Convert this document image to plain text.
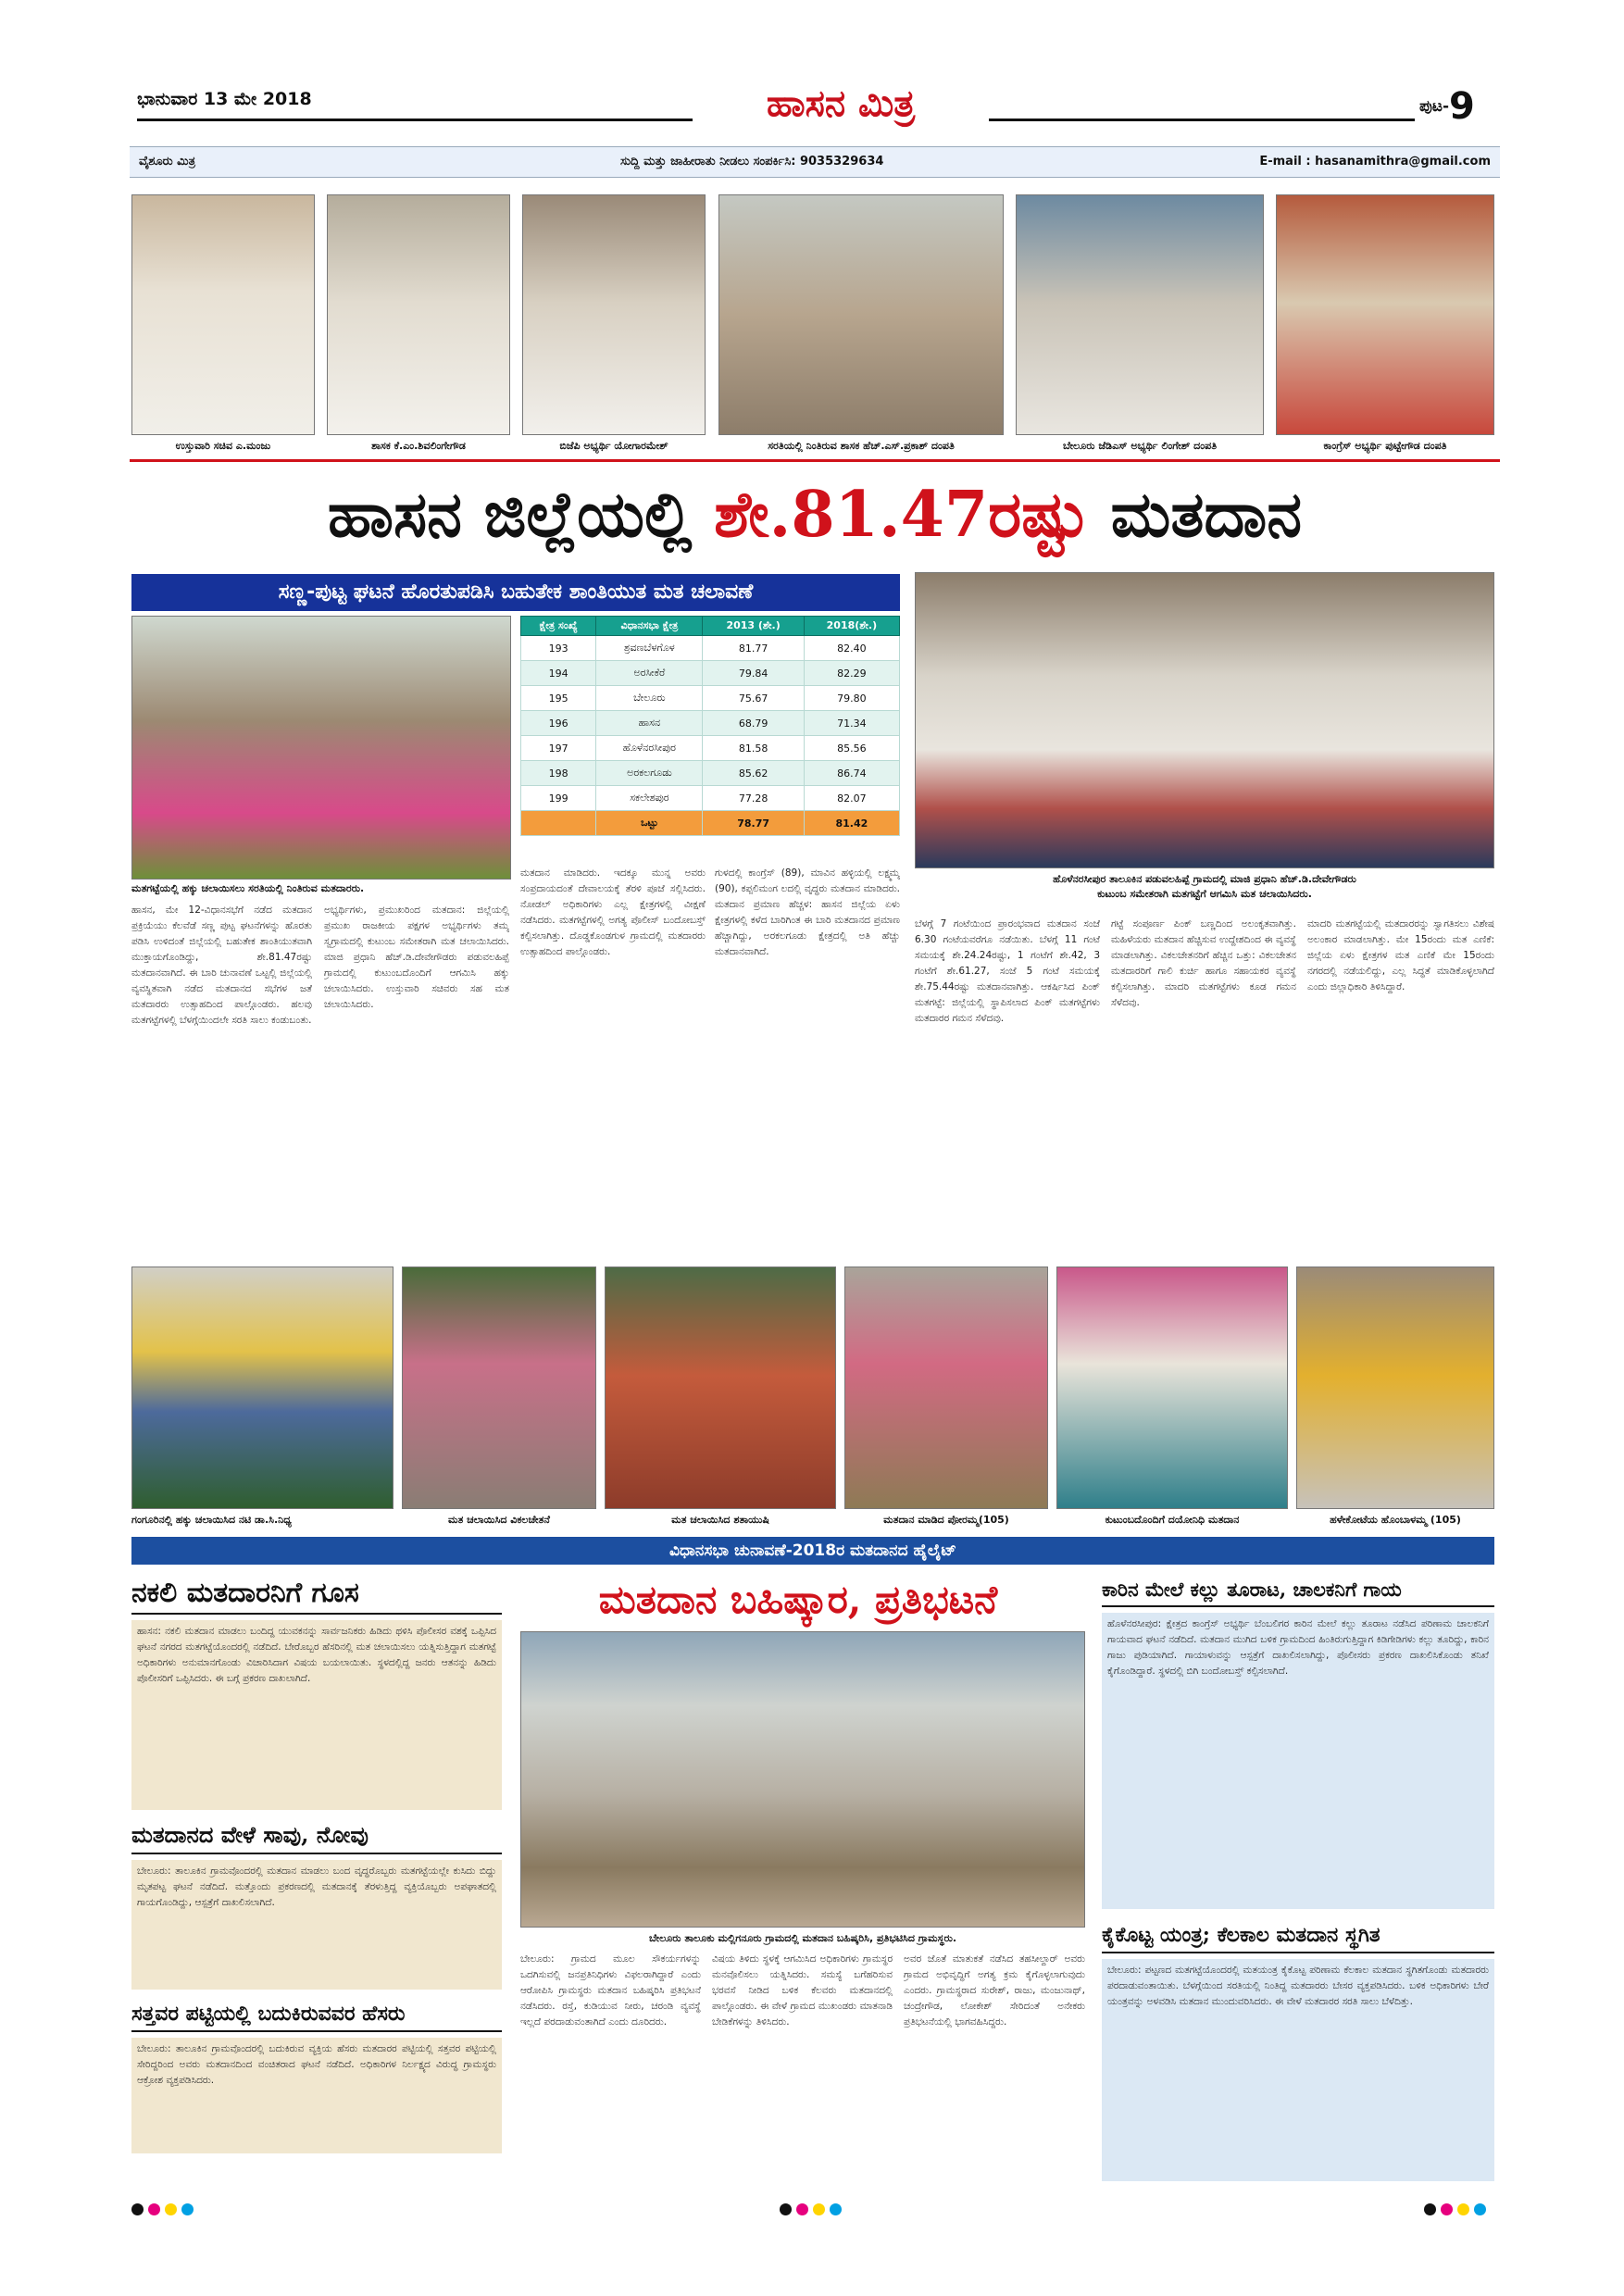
ಭಾನುವಾರ 13 ಮೇ 2018	ಹಾಸನ ಮಿತ್ರ	ಪುಟ-9
ವೈಶೂರು ಮಿತ್ರ	ಸುದ್ದಿ ಮತ್ತು ಜಾಹೀರಾತು ನೀಡಲು ಸಂಪರ್ಕಿಸಿ: 9035329634	E-mail : hasanamithra@gmail.com
ಉಸ್ತುವಾರಿ ಸಚಿವ ಎ.ಮಂಜು	ಶಾಸಕ ಕೆ.ಎಂ.ಶಿವಲಿಂಗೇಗೌಡ	ಬಿಜೆಪಿ ಅಭ್ಯರ್ಥಿ ಯೋಗಾರಮೇಶ್	ಸರತಿಯಲ್ಲಿ ನಿಂತಿರುವ ಶಾಸಕ ಹೆಚ್.ಎಸ್.ಪ್ರಕಾಶ್ ದಂಪತಿ	ಬೇಲೂರು ಜೆಡಿಎಸ್ ಅಭ್ಯರ್ಥಿ ಲಿಂಗೇಶ್ ದಂಪತಿ	ಕಾಂಗ್ರೆಸ್ ಅಭ್ಯರ್ಥಿ ಪುಟ್ಟೇಗೌಡ ದಂಪತಿ
ಹಾಸನ ಜಿಲ್ಲೆಯಲ್ಲಿ ಶೇ.81.47ರಷ್ಟು ಮತದಾನ
ಸಣ್ಣ-ಪುಟ್ಟ ಘಟನೆ ಹೊರತುಪಡಿಸಿ ಬಹುತೇಕ ಶಾಂತಿಯುತ ಮತ ಚಲಾವಣೆ
ಮತಗಟ್ಟೆಯಲ್ಲಿ ಹಕ್ಕು ಚಲಾಯಿಸಲು ಸರತಿಯಲ್ಲಿ ನಿಂತಿರುವ ಮತದಾರರು.
ಕ್ಷೇತ್ರ ಸಂಖ್ಯೆ	ವಿಧಾನಸಭಾ ಕ್ಷೇತ್ರ	2013 (ಶೇ.)	2018(ಶೇ.)
193	ಶ್ರವಣಬೆಳಗೊಳ	81.77	82.40
194	ಅರಸೀಕೆರೆ	79.84	82.29
195	ಬೇಲೂರು	75.67	79.80
196	ಹಾಸನ	68.79	71.34
197	ಹೊಳೆನರಸೀಪುರ	81.58	85.56
198	ಅರಕಲಗೂಡು	85.62	86.74
199	ಸಕಲೇಶಪುರ	77.28	82.07
	ಒಟ್ಟು	78.77	81.42
ಹೊಳೆನರಸೀಪುರ ತಾಲೂಕಿನ ಪಡುವಲಹಿಪ್ಪೆ ಗ್ರಾಮದಲ್ಲಿ ಮಾಜಿ ಪ್ರಧಾನಿ ಹೆಚ್.ಡಿ.ದೇವೇಗೌಡರು
ಕುಟುಂಬ ಸಮೇತರಾಗಿ ಮತಗಟ್ಟೆಗೆ ಆಗಮಿಸಿ ಮತ ಚಲಾಯಿಸಿದರು.
ಹಾಸನ, ಮೇ 12-ವಿಧಾನಸಭೆಗೆ ನಡೆದ ಮತದಾನ ಪ್ರಕ್ರಿಯೆಯು ಕೆಲವೆಡೆ ಸಣ್ಣ ಪುಟ್ಟ ಘಟನೆಗಳನ್ನು ಹೊರತು ಪಡಿಸಿ ಉಳಿದಂತೆ ಜಿಲ್ಲೆಯಲ್ಲಿ ಬಹುತೇಕ ಶಾಂತಿಯುತವಾಗಿ ಮುಕ್ತಾಯಗೊಂಡಿದ್ದು, ಶೇ.81.47ರಷ್ಟು ಮತದಾನವಾಗಿದೆ. ಈ ಬಾರಿ ಚುನಾವಣೆ ಒಟ್ಟಲ್ಲಿ ಜಿಲ್ಲೆಯಲ್ಲಿ ವ್ಯವಸ್ಥಿತವಾಗಿ ನಡೆದ ಮತದಾನದ ಸಭೆಗಳ ಜತೆ ಮತದಾರರು ಉತ್ಸಾಹದಿಂದ ಪಾಲ್ಗೊಂಡರು. ಹಲವು ಮತಗಟ್ಟೆಗಳಲ್ಲಿ ಬೆಳಗ್ಗೆಯಿಂದಲೇ ಸರತಿ ಸಾಲು ಕಂಡುಬಂತು.
ಅಭ್ಯರ್ಥಿಗಳು, ಪ್ರಮುಖರಿಂದ ಮತದಾನ: ಜಿಲ್ಲೆಯಲ್ಲಿ ಪ್ರಮುಖ ರಾಜಕೀಯ ಪಕ್ಷಗಳ ಅಭ್ಯರ್ಥಿಗಳು ತಮ್ಮ ಸ್ವಗ್ರಾಮದಲ್ಲಿ ಕುಟುಂಬ ಸಮೇತರಾಗಿ ಮತ ಚಲಾಯಿಸಿದರು. ಮಾಜಿ ಪ್ರಧಾನಿ ಹೆಚ್.ಡಿ.ದೇವೇಗೌಡರು ಪಡುವಲಹಿಪ್ಪೆ ಗ್ರಾಮದಲ್ಲಿ ಕುಟುಂಬದೊಂದಿಗೆ ಆಗಮಿಸಿ ಹಕ್ಕು ಚಲಾಯಿಸಿದರು. ಉಸ್ತುವಾರಿ ಸಚಿವರು ಸಹ ಮತ ಚಲಾಯಿಸಿದರು.
ಮತದಾನ ಮಾಡಿದರು. ಇದಕ್ಕೂ ಮುನ್ನ ಅವರು ಸಂಪ್ರದಾಯದಂತೆ ದೇವಾಲಯಕ್ಕೆ ತೆರಳಿ ಪೂಜೆ ಸಲ್ಲಿಸಿದರು. ನೋಡಲ್ ಅಧಿಕಾರಿಗಳು ಎಲ್ಲ ಕ್ಷೇತ್ರಗಳಲ್ಲಿ ವೀಕ್ಷಣೆ ನಡೆಸಿದರು. ಮತಗಟ್ಟೆಗಳಲ್ಲಿ ಅಗತ್ಯ ಪೊಲೀಸ್ ಬಂದೋಬಸ್ತ್ ಕಲ್ಪಿಸಲಾಗಿತ್ತು. ದೊಡ್ಡಕೊಂಡಗುಳ ಗ್ರಾಮದಲ್ಲಿ ಮತದಾರರು ಉತ್ಸಾಹದಿಂದ ಪಾಲ್ಗೊಂಡರು.
ಗುಳದಲ್ಲಿ ಕಾಂಗ್ರೆಸ್ (89), ಮಾವಿನ ಹಳ್ಳಿಯಲ್ಲಿ ಲಕ್ಷ್ಮಮ್ಮ (90), ಕಪ್ಪಲಿಮಂಗ ಲದಲ್ಲಿ ವೃದ್ಧರು ಮತದಾನ ಮಾಡಿದರು. ಮತದಾನ ಪ್ರಮಾಣ ಹೆಚ್ಚಳ: ಹಾಸನ ಜಿಲ್ಲೆಯ ಏಳು ಕ್ಷೇತ್ರಗಳಲ್ಲಿ ಕಳೆದ ಬಾರಿಗಿಂತ ಈ ಬಾರಿ ಮತದಾನದ ಪ್ರಮಾಣ ಹೆಚ್ಚಾಗಿದ್ದು, ಅರಕಲಗೂಡು ಕ್ಷೇತ್ರದಲ್ಲಿ ಅತಿ ಹೆಚ್ಚು ಮತದಾನವಾಗಿದೆ.
ಬೆಳಗ್ಗೆ 7 ಗಂಟೆಯಿಂದ ಪ್ರಾರಂಭವಾದ ಮತದಾನ ಸಂಜೆ 6.30 ಗಂಟೆಯವರೆಗೂ ನಡೆಯಿತು. ಬೆಳಗ್ಗೆ 11 ಗಂಟೆ ಸಮಯಕ್ಕೆ ಶೇ.24.24ರಷ್ಟು, 1 ಗಂಟೆಗೆ ಶೇ.42, 3 ಗಂಟೆಗೆ ಶೇ.61.27, ಸಂಜೆ 5 ಗಂಟೆ ಸಮಯಕ್ಕೆ ಶೇ.75.44ರಷ್ಟು ಮತದಾನವಾಗಿತ್ತು. ಆಕರ್ಷಿಸಿದ ಪಿಂಕ್ ಮತಗಟ್ಟೆ: ಜಿಲ್ಲೆಯಲ್ಲಿ ಸ್ಥಾಪಿಸಲಾದ ಪಿಂಕ್ ಮತಗಟ್ಟೆಗಳು ಮತದಾರರ ಗಮನ ಸೆಳೆದವು.
ಗಟ್ಟೆ ಸಂಪೂರ್ಣ ಪಿಂಕ್ ಬಣ್ಣದಿಂದ ಅಲಂಕೃತವಾಗಿತ್ತು. ಮಹಿಳೆಯರು ಮತದಾನ ಹೆಚ್ಚಿಸುವ ಉದ್ದೇಶದಿಂದ ಈ ವ್ಯವಸ್ಥೆ ಮಾಡಲಾಗಿತ್ತು. ವಿಕಲಚೇತನರಿಗೆ ಹೆಚ್ಚಿನ ಒತ್ತು: ವಿಕಲಚೇತನ ಮತದಾರರಿಗೆ ಗಾಲಿ ಕುರ್ಚಿ ಹಾಗೂ ಸಹಾಯಕರ ವ್ಯವಸ್ಥೆ ಕಲ್ಪಿಸಲಾಗಿತ್ತು. ಮಾದರಿ ಮತಗಟ್ಟೆಗಳು ಕೂಡ ಗಮನ ಸೆಳೆದವು.
ಮಾದರಿ ಮತಗಟ್ಟೆಯಲ್ಲಿ ಮತದಾರರನ್ನು ಸ್ವಾಗತಿಸಲು ವಿಶೇಷ ಅಲಂಕಾರ ಮಾಡಲಾಗಿತ್ತು. ಮೇ 15ರಂದು ಮತ ಎಣಿಕೆ: ಜಿಲ್ಲೆಯ ಏಳು ಕ್ಷೇತ್ರಗಳ ಮತ ಎಣಿಕೆ ಮೇ 15ರಂದು ನಗರದಲ್ಲಿ ನಡೆಯಲಿದ್ದು, ಎಲ್ಲ ಸಿದ್ಧತೆ ಮಾಡಿಕೊಳ್ಳಲಾಗಿದೆ ಎಂದು ಜಿಲ್ಲಾಧಿಕಾರಿ ತಿಳಿಸಿದ್ದಾರೆ.
ಗಂಗೂರಿನಲ್ಲಿ ಹಕ್ಕು ಚಲಾಯಿಸಿದ ನಟಿ ಡಾ.ಸಿ.ನಿಧ್ಯ	ಮತ ಚಲಾಯಿಸಿದ ವಿಕಲಚೇತನೆ	ಮತ ಚಲಾಯಿಸಿದ ಶತಾಯುಷಿ	ಮತದಾನ ಮಾಡಿದ ಪೋರಮ್ಮ(105)	ಕುಟುಂಬದೊಂದಿಗೆ ದಯೋನಿಧಿ ಮತದಾನ	ಹಳೇಕೋಟೆಯ ಹೊಂಬಾಳಮ್ಮ (105)
ವಿಧಾನಸಭಾ ಚುನಾವಣೆ-2018ರ ಮತದಾನದ ಹೈಲೈಟ್
ನಕಲಿ ಮತದಾರನಿಗೆ ಗೂಸ
ಹಾಸನ: ನಕಲಿ ಮತದಾನ ಮಾಡಲು ಬಂದಿದ್ದ ಯುವಕನನ್ನು ಸಾರ್ವಜನಿಕರು ಹಿಡಿದು ಥಳಿಸಿ ಪೊಲೀಸರ ವಶಕ್ಕೆ ಒಪ್ಪಿಸಿದ ಘಟನೆ ನಗರದ ಮತಗಟ್ಟೆಯೊಂದರಲ್ಲಿ ನಡೆದಿದೆ. ಬೇರೊಬ್ಬರ ಹೆಸರಿನಲ್ಲಿ ಮತ ಚಲಾಯಿಸಲು ಯತ್ನಿಸುತ್ತಿದ್ದಾಗ ಮತಗಟ್ಟೆ ಅಧಿಕಾರಿಗಳು ಅನುಮಾನಗೊಂಡು ವಿಚಾರಿಸಿದಾಗ ವಿಷಯ ಬಯಲಾಯಿತು. ಸ್ಥಳದಲ್ಲಿದ್ದ ಜನರು ಆತನನ್ನು ಹಿಡಿದು ಪೊಲೀಸರಿಗೆ ಒಪ್ಪಿಸಿದರು. ಈ ಬಗ್ಗೆ ಪ್ರಕರಣ ದಾಖಲಾಗಿದೆ.
ಮತದಾನದ ವೇಳೆ ಸಾವು, ನೋವು
ಬೇಲೂರು: ತಾಲೂಕಿನ ಗ್ರಾಮವೊಂದರಲ್ಲಿ ಮತದಾನ ಮಾಡಲು ಬಂದ ವೃದ್ಧರೊಬ್ಬರು ಮತಗಟ್ಟೆಯಲ್ಲೇ ಕುಸಿದು ಬಿದ್ದು ಮೃತಪಟ್ಟ ಘಟನೆ ನಡೆದಿದೆ. ಮತ್ತೊಂದು ಪ್ರಕರಣದಲ್ಲಿ ಮತದಾನಕ್ಕೆ ತೆರಳುತ್ತಿದ್ದ ವ್ಯಕ್ತಿಯೊಬ್ಬರು ಅಪಘಾತದಲ್ಲಿ ಗಾಯಗೊಂಡಿದ್ದು, ಆಸ್ಪತ್ರೆಗೆ ದಾಖಲಿಸಲಾಗಿದೆ.
ಸತ್ತವರ ಪಟ್ಟಿಯಲ್ಲಿ ಬದುಕಿರುವವರ ಹೆಸರು
ಬೇಲೂರು: ತಾಲೂಕಿನ ಗ್ರಾಮವೊಂದರಲ್ಲಿ ಬದುಕಿರುವ ವ್ಯಕ್ತಿಯ ಹೆಸರು ಮತದಾರರ ಪಟ್ಟಿಯಲ್ಲಿ ಸತ್ತವರ ಪಟ್ಟಿಯಲ್ಲಿ ಸೇರಿದ್ದರಿಂದ ಅವರು ಮತದಾನದಿಂದ ವಂಚಿತರಾದ ಘಟನೆ ನಡೆದಿದೆ. ಅಧಿಕಾರಿಗಳ ನಿರ್ಲಕ್ಷ್ಯದ ವಿರುದ್ಧ ಗ್ರಾಮಸ್ಥರು ಆಕ್ರೋಶ ವ್ಯಕ್ತಪಡಿಸಿದರು.
ಮತದಾನ ಬಹಿಷ್ಕಾರ, ಪ್ರತಿಭಟನೆ
ಬೇಲೂರು ತಾಲೂಕು ಮಲ್ಲಿಗನೂರು ಗ್ರಾಮದಲ್ಲಿ ಮತದಾನ ಬಹಿಷ್ಕರಿಸಿ, ಪ್ರತಿಭಟಿಸಿದ ಗ್ರಾಮಸ್ಥರು.
ಬೇಲೂರು: ಗ್ರಾಮದ ಮೂಲ ಸೌಕರ್ಯಗಳನ್ನು ಒದಗಿಸುವಲ್ಲಿ ಜನಪ್ರತಿನಿಧಿಗಳು ವಿಫಲರಾಗಿದ್ದಾರೆ ಎಂದು ಆರೋಪಿಸಿ ಗ್ರಾಮಸ್ಥರು ಮತದಾನ ಬಹಿಷ್ಕರಿಸಿ ಪ್ರತಿಭಟನೆ ನಡೆಸಿದರು. ರಸ್ತೆ, ಕುಡಿಯುವ ನೀರು, ಚರಂಡಿ ವ್ಯವಸ್ಥೆ ಇಲ್ಲದೆ ಪರದಾಡುವಂತಾಗಿದೆ ಎಂದು ದೂರಿದರು.
ವಿಷಯ ತಿಳಿದು ಸ್ಥಳಕ್ಕೆ ಆಗಮಿಸಿದ ಅಧಿಕಾರಿಗಳು ಗ್ರಾಮಸ್ಥರ ಮನವೊಲಿಸಲು ಯತ್ನಿಸಿದರು. ಸಮಸ್ಯೆ ಬಗೆಹರಿಸುವ ಭರವಸೆ ನೀಡಿದ ಬಳಿಕ ಕೆಲವರು ಮತದಾನದಲ್ಲಿ ಪಾಲ್ಗೊಂಡರು. ಈ ವೇಳೆ ಗ್ರಾಮದ ಮುಖಂಡರು ಮಾತನಾಡಿ ಬೇಡಿಕೆಗಳನ್ನು ತಿಳಿಸಿದರು.
ಅವರ ಜೊತೆ ಮಾತುಕತೆ ನಡೆಸಿದ ತಹಸೀಲ್ದಾರ್ ಅವರು ಗ್ರಾಮದ ಅಭಿವೃದ್ಧಿಗೆ ಅಗತ್ಯ ಕ್ರಮ ಕೈಗೊಳ್ಳಲಾಗುವುದು ಎಂದರು. ಗ್ರಾಮಸ್ಥರಾದ ಸುರೇಶ್, ರಾಜು, ಮಂಜುನಾಥ್, ಚಂದ್ರೇಗೌಡ, ಲೋಕೇಶ್ ಸೇರಿದಂತೆ ಅನೇಕರು ಪ್ರತಿಭಟನೆಯಲ್ಲಿ ಭಾಗವಹಿಸಿದ್ದರು.
ಕಾರಿನ ಮೇಲೆ ಕಲ್ಲು ತೂರಾಟ, ಚಾಲಕನಿಗೆ ಗಾಯ
ಹೊಳೆನರಸೀಪುರ: ಕ್ಷೇತ್ರದ ಕಾಂಗ್ರೆಸ್ ಅಭ್ಯರ್ಥಿ ಬೆಂಬಲಿಗರ ಕಾರಿನ ಮೇಲೆ ಕಲ್ಲು ತೂರಾಟ ನಡೆಸಿದ ಪರಿಣಾಮ ಚಾಲಕನಿಗೆ ಗಾಯವಾದ ಘಟನೆ ನಡೆದಿದೆ. ಮತದಾನ ಮುಗಿದ ಬಳಿಕ ಗ್ರಾಮದಿಂದ ಹಿಂತಿರುಗುತ್ತಿದ್ದಾಗ ಕಿಡಿಗೇಡಿಗಳು ಕಲ್ಲು ತೂರಿದ್ದು, ಕಾರಿನ ಗಾಜು ಪುಡಿಯಾಗಿದೆ. ಗಾಯಾಳುವನ್ನು ಆಸ್ಪತ್ರೆಗೆ ದಾಖಲಿಸಲಾಗಿದ್ದು, ಪೊಲೀಸರು ಪ್ರಕರಣ ದಾಖಲಿಸಿಕೊಂಡು ತನಿಖೆ ಕೈಗೊಂಡಿದ್ದಾರೆ. ಸ್ಥಳದಲ್ಲಿ ಬಿಗಿ ಬಂದೋಬಸ್ತ್ ಕಲ್ಪಿಸಲಾಗಿದೆ.
ಕೈಕೊಟ್ಟ ಯಂತ್ರ; ಕೆಲಕಾಲ ಮತದಾನ ಸ್ಥಗಿತ
ಬೇಲೂರು: ಪಟ್ಟಣದ ಮತಗಟ್ಟೆಯೊಂದರಲ್ಲಿ ಮತಯಂತ್ರ ಕೈಕೊಟ್ಟ ಪರಿಣಾಮ ಕೆಲಕಾಲ ಮತದಾನ ಸ್ಥಗಿತಗೊಂಡು ಮತದಾರರು ಪರದಾಡುವಂತಾಯಿತು. ಬೆಳಗ್ಗೆಯಿಂದ ಸರತಿಯಲ್ಲಿ ನಿಂತಿದ್ದ ಮತದಾರರು ಬೇಸರ ವ್ಯಕ್ತಪಡಿಸಿದರು. ಬಳಿಕ ಅಧಿಕಾರಿಗಳು ಬೇರೆ ಯಂತ್ರವನ್ನು ಅಳವಡಿಸಿ ಮತದಾನ ಮುಂದುವರಿಸಿದರು. ಈ ವೇಳೆ ಮತದಾರರ ಸರತಿ ಸಾಲು ಬೆಳೆದಿತ್ತು.
